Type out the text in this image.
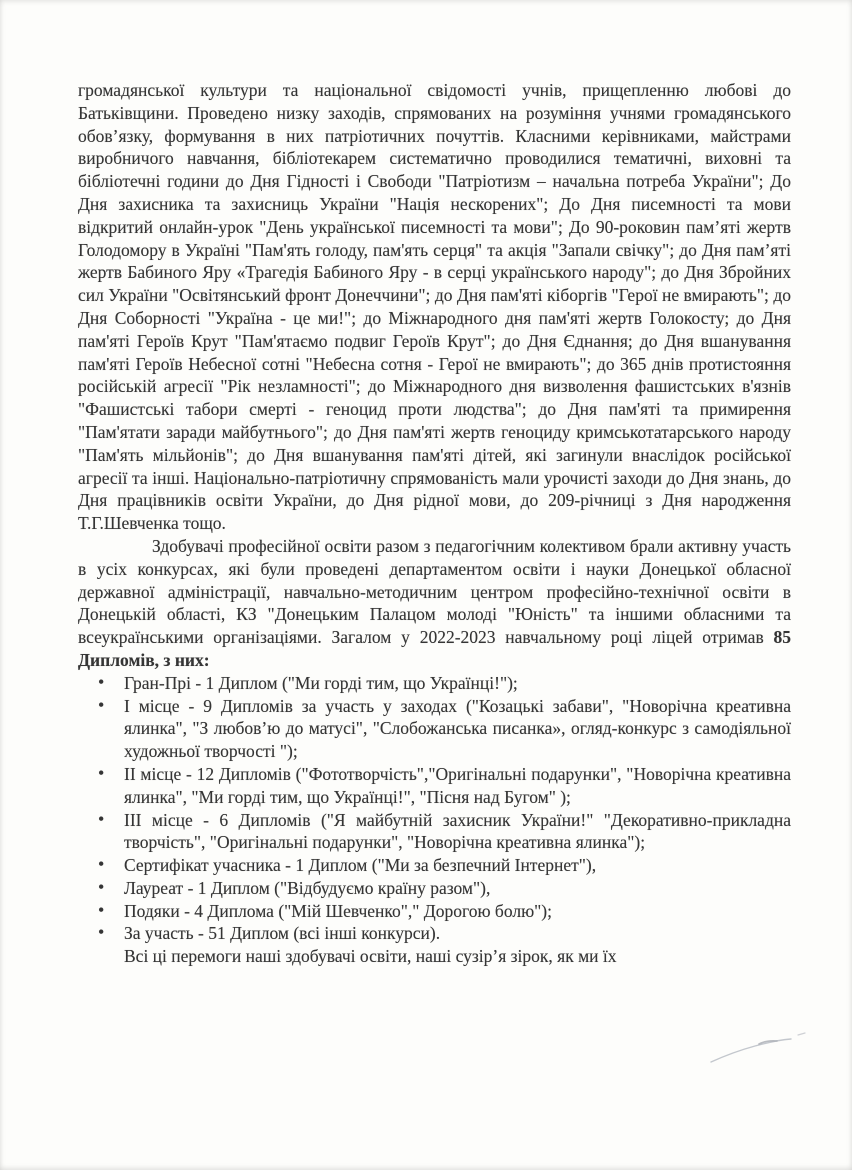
громадянської культури та національної свідомості учнів, прищепленню любові до Батьківщини. Проведено низку заходів, спрямованих на розуміння учнями громадянського обов’язку, формування в них патріотичних почуттів. Класними керівниками, майстрами виробничого навчання, бібліотекарем систематично проводилися тематичні, виховні та бібліотечні години до Дня Гідності і Свободи "Патріотизм – начальна потреба України"; До Дня захисника та захисниць України "Нація нескорених"; До Дня писемності та мови відкритий онлайн-урок "День української писемності та мови"; До 90-роковин пам’яті жертв Голодомору в Україні "Пам'ять голоду, пам'ять серця" та акція "Запали свічку"; до Дня пам’яті жертв Бабиного Яру «Трагедія Бабиного Яру - в серці українського народу"; до Дня Збройних сил України "Освітянський фронт Донеччини"; до Дня пам'яті кіборгів "Герої не вмирають"; до Дня Соборності "Україна - це ми!"; до Міжнародного дня пам'яті жертв Голокосту; до Дня пам'яті Героїв Крут "Пам'ятаємо подвиг Героїв Крут"; до Дня Єднання; до Дня вшанування пам'яті Героїв Небесної сотні "Небесна сотня - Герої не вмирають"; до 365 днів протистояння російській агресії "Рік незламності"; до Міжнародного дня визволення фашистських в'язнів "Фашистські табори смерті - геноцид проти людства"; до Дня пам'яті та примирення "Пам'ятати заради майбутнього"; до Дня пам'яті жертв геноциду кримськотатарського народу "Пам'ять мільйонів"; до Дня вшанування пам'яті дітей, які загинули внаслідок російської агресії та інші. Національно-патріотичну спрямованість мали урочисті заходи до Дня знань, до Дня працівників освіти України, до Дня рідної мови, до 209-річниці з Дня народження Т.Г.Шевченка тощо.

Здобувачі професійної освіти разом з педагогічним колективом брали активну участь в усіх конкурсах, які були проведені департаментом освіти і науки Донецької обласної державної адміністрації, навчально-методичним центром професійно-технічної освіти в Донецькій області, КЗ "Донецьким Палацом молоді "Юність" та іншими обласними та всеукраїнськими організаціями. Загалом у 2022-2023 навчальному році ліцей отримав 85 Дипломів, з них:

• Гран-Прі - 1 Диплом ("Ми горді тим, що Українці!");
• І місце - 9 Дипломів за участь у заходах ("Козацькі забави", "Новорічна креативна ялинка", "З любов’ю до матусі", "Слобожанська писанка», огляд-конкурс з самодіяльної художньої творчості ");
• ІІ місце - 12 Дипломів ("Фототворчість","Оригінальні подарунки", "Новорічна креативна ялинка", "Ми горді тим, що Українці!", "Пісня над Бугом" );
• ІІІ місце - 6 Дипломів ("Я майбутній захисник України!" "Декоративно-прикладна творчість", "Оригінальні подарунки", "Новорічна креативна ялинка");
• Сертифікат учасника - 1 Диплом ("Ми за безпечний Інтернет"),
• Лауреат - 1 Диплом ("Відбудуємо країну разом"),
• Подяки - 4 Диплома ("Мій Шевченко"," Дорогою болю");
• За участь - 51 Диплом (всі інші конкурси).

Всі ці перемоги наші здобувачі освіти, наші сузір’я зірок, як ми їх
